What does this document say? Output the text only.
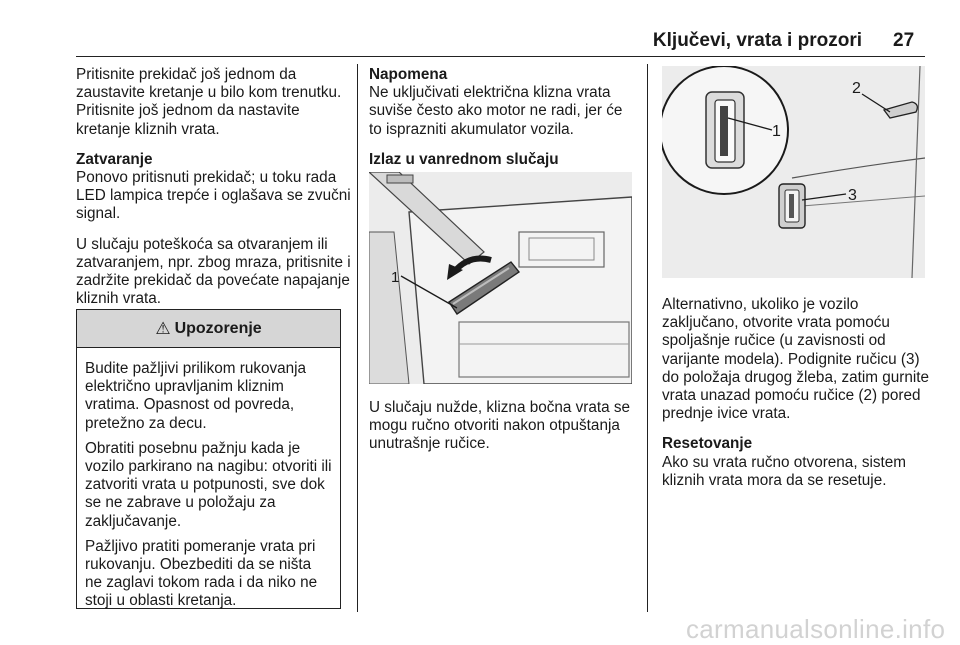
Ključevi, vrata i prozori 27

Pritisnite prekidač još jednom da zaustavite kretanje u bilo kom trenutku. Pritisnite još jednom da nastavite kretanje kliznih vrata.

Zatvaranje

Ponovo pritisnuti prekidač; u toku rada LED lampica trepće i oglašava se zvučni signal.

U slučaju poteškoća sa otvaranjem ili zatvaranjem, npr. zbog mraza, pritisnite i zadržite prekidač da povećate napajanje kliznih vrata.

⚠ Upozorenje

Budite pažljivi prilikom rukovanja električno upravljanim kliznim vratima. Opasnost od povreda, pretežno za decu.

Obratiti posebnu pažnju kada je vozilo parkirano na nagibu: otvoriti ili zatvoriti vrata u potpunosti, sve dok se ne zabrave u položaju za zaključavanje.

Pažljivo pratiti pomeranje vrata pri rukovanju. Obezbediti da se ništa ne zaglavi tokom rada i da niko ne stoji u oblasti kretanja.

Napomena

Ne uključivati električna klizna vrata suviše često ako motor ne radi, jer će to isprazniti akumulator vozila.

Izlaz u vanrednom slučaju
1

U slučaju nužde, klizna bočna vrata se mogu ručno otvoriti nakon otpuštanja unutrašnje ručice.

1
2
3

Alternativno, ukoliko je vozilo zaključano, otvorite vrata pomoću spoljašnje ručice (u zavisnosti od varijante modela). Podignite ručicu (3) do položaja drugog žleba, zatim gurnite vrata unazad pomoću ručice (2) pored prednje ivice vrata.

Resetovanje

Ako su vrata ručno otvorena, sistem kliznih vrata mora da se resetuje.

carmanualsonline.info
